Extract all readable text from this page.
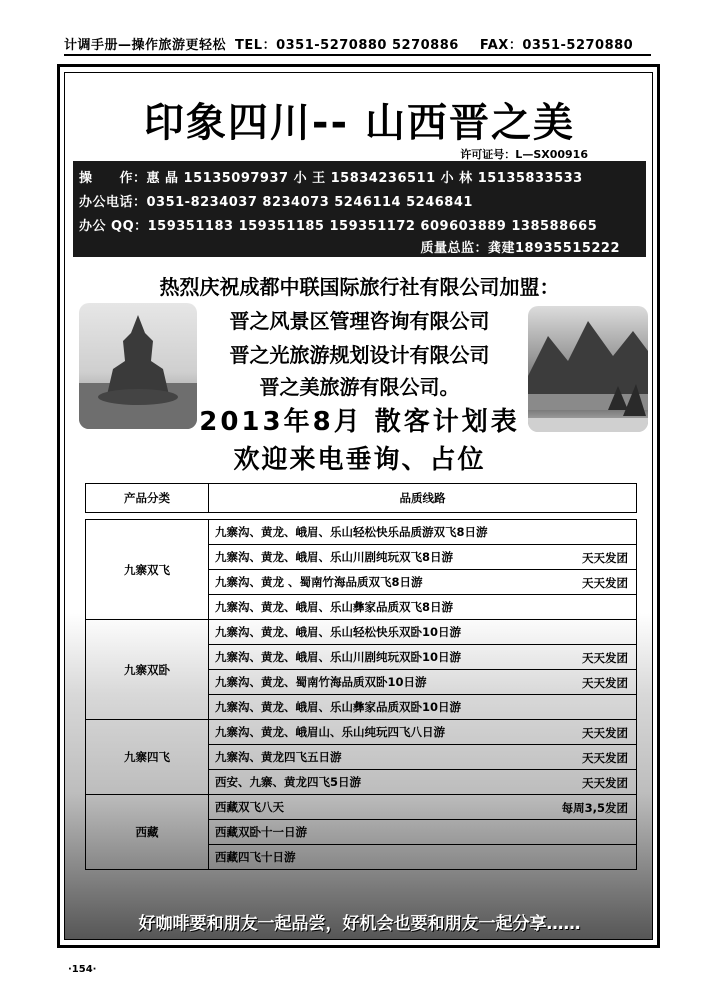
计调手册—操作旅游更轻松 TEL：0351-5270880 5270886 FAX：0351-5270880
印象四川-- 山西晋之美
许可证号：L—SX00916
操　　作：惠 晶 15135097937 小 王 15834236511 小 林 15135833533
办公电话：0351-8234037 8234073 5246114 5246841
办公 QQ：159351183 159351185 159351172 609603889 138588665
质量总监：龚建18935515222
热烈庆祝成都中联国际旅行社有限公司加盟：
晋之风景区管理咨询有限公司
晋之光旅游规划设计有限公司
晋之美旅游有限公司。
2013年8月 散客计划表
欢迎来电垂询、占位
产品分类	品质线路

九寨双飞	九寨沟、黄龙、峨眉、乐山轻松快乐品质游双飞8日游

	九寨沟、黄龙、峨眉、乐山川剧纯玩双飞8日游 天天发团

	九寨沟、黄龙 、蜀南竹海品质双飞8日游 天天发团

	九寨沟、黄龙、峨眉、乐山彝家品质双飞8日游

九寨双卧	九寨沟、黄龙、峨眉、乐山轻松快乐双卧10日游

	九寨沟、黄龙、峨眉、乐山川剧纯玩双卧10日游 天天发团

	九寨沟、黄龙、蜀南竹海品质双卧10日游 天天发团

	九寨沟、黄龙、峨眉、乐山彝家品质双卧10日游

九寨四飞	九寨沟、黄龙、峨眉山、乐山纯玩四飞八日游 天天发团

	九寨沟、黄龙四飞五日游 天天发团

	西安、九寨、黄龙四飞5日游 天天发团

西藏	西藏双飞八天 每周3,5发团

	西藏双卧十一日游

	西藏四飞十日游
好咖啡要和朋友一起品尝，好机会也要和朋友一起分享……
·154·
